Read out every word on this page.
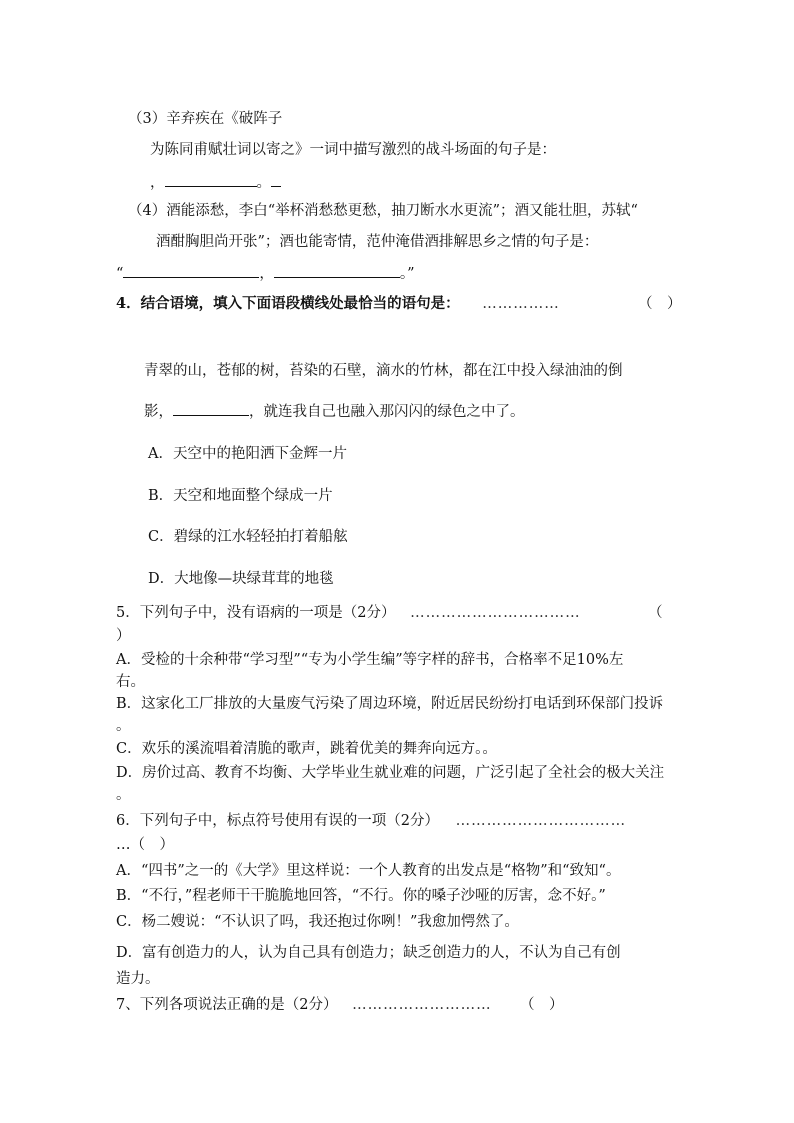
（3）辛弃疾在《破阵子
为陈同甫赋壮词以寄之》一词中描写激烈的战斗场面的句子是：
，	。
（4）酒能添愁，李白“举杯消愁愁更愁，抽刀断水水更流”；酒又能壮胆，苏轼“
酒酣胸胆尚开张”；酒也能寄情，范仲淹借酒排解思乡之情的句子是：
“	，	。”
4．结合语境，填入下面语段横线处最恰当的语句是： ……………	（　）
青翠的山，苍郁的树，苔染的石壁，滴水的竹林，都在江中投入绿油油的倒
影，	，就连我自己也融入那闪闪的绿色之中了。
A．天空中的艳阳洒下金辉一片
B．天空和地面整个绿成一片
C．碧绿的江水轻轻拍打着船舷
D．大地像—块绿茸茸的地毯
5．下列句子中，没有语病的一项是（2分） ……………………………	（
）
A．受检的十余种带“学习型”“专为小学生编”等字样的辞书，合格率不足10%左
右。
B．这家化工厂排放的大量废气污染了周边环境，附近居民纷纷打电话到环保部门投诉
。
C．欢乐的溪流唱着清脆的歌声，跳着优美的舞奔向远方。。
D．房价过高、教育不均衡、大学毕业生就业难的问题，广泛引起了全社会的极大关注
。
6．下列句子中，标点符号使用有误的一项（2分） ……………………………
…（　）
A．“四书”之一的《大学》里这样说：一个人教育的出发点是“格物”和“致知“。
B．“不行，”程老师干干脆脆地回答，“不行。你的嗓子沙哑的厉害，念不好。”
C．杨二嫂说：“不认识了吗，我还抱过你咧！”我愈加愕然了。
D．富有创造力的人，认为自己具有创造力；缺乏创造力的人，不认为自己有创
造力。
7、下列各项说法正确的是（2分） ……………………… （　）
